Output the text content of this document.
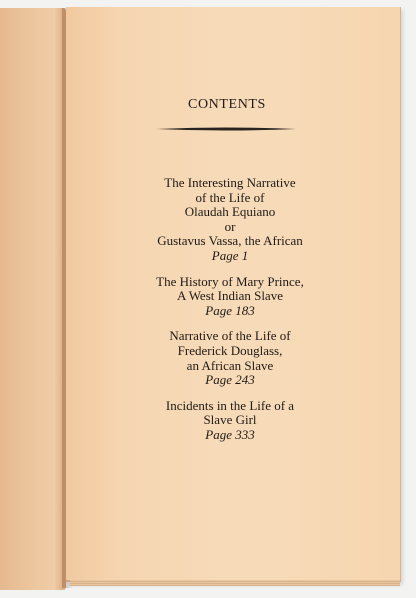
CONTENTS
The Interesting Narrative
of the Life of
Olaudah Equiano
or
Gustavus Vassa, the African
Page 1
The History of Mary Prince,
A West Indian Slave
Page 183
Narrative of the Life of
Frederick Douglass,
an African Slave
Page 243
Incidents in the Life of a
Slave Girl
Page 333
